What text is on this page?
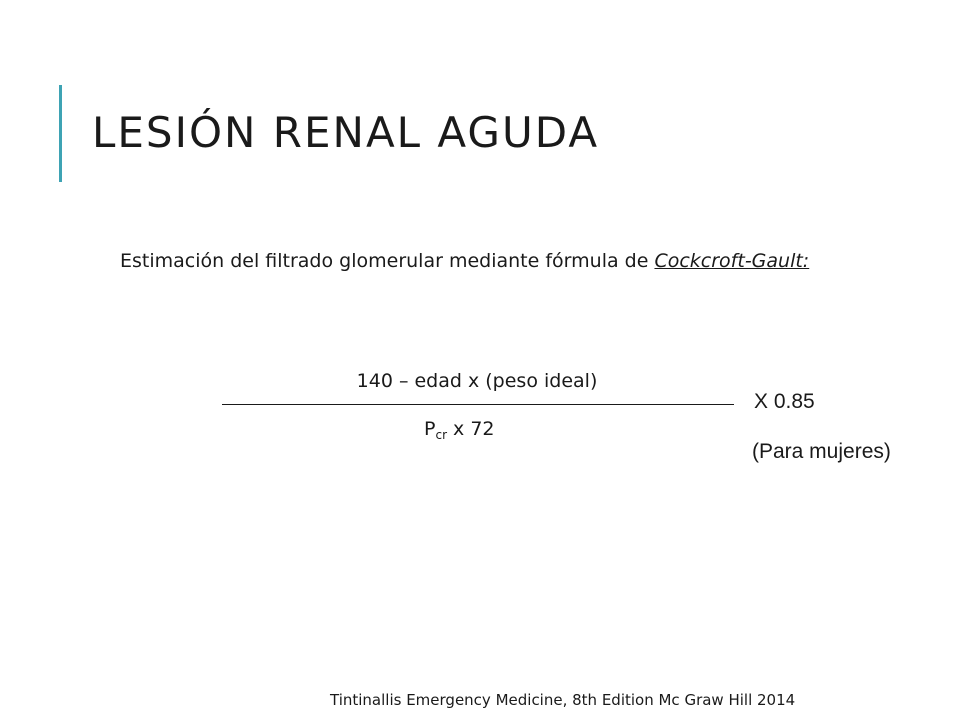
LESIÓN RENAL AGUDA
Estimación del filtrado glomerular mediante fórmula de Cockcroft-Gault:
140 – edad x (peso ideal)
$P_{cr}$ x 72
X 0.85
(Para mujeres)
Tintinallis Emergency Medicine, 8th Edition Mc Graw Hill 2014
